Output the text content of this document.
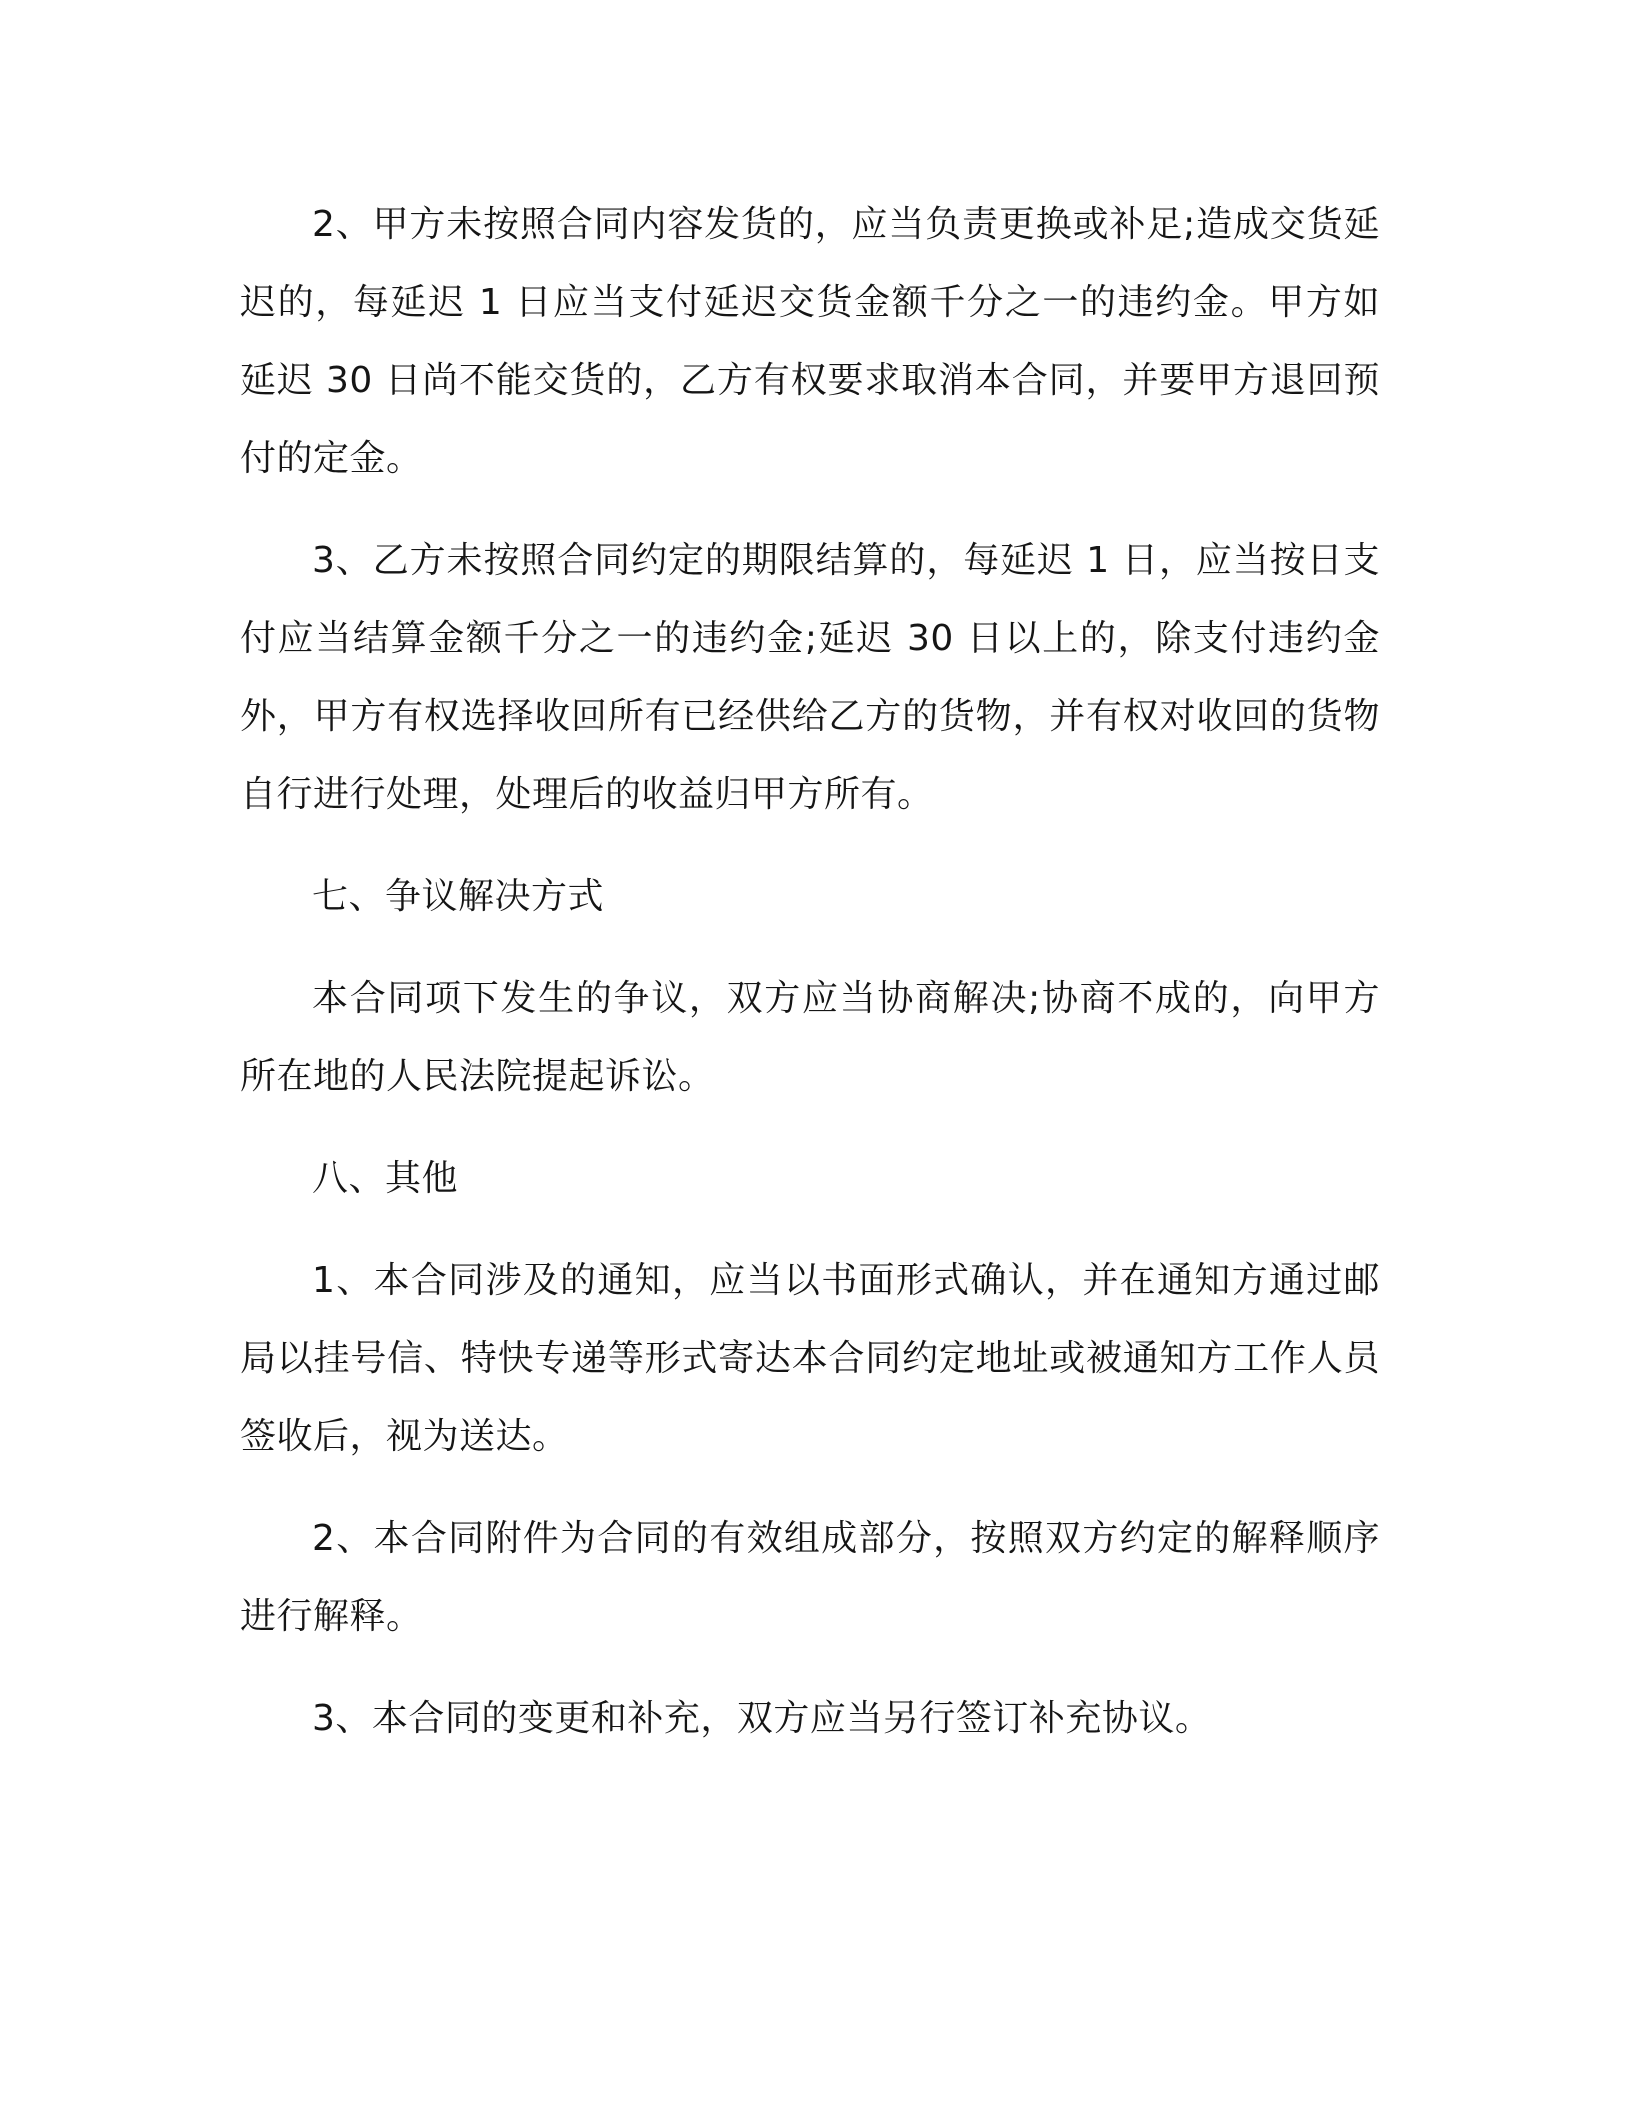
2、甲方未按照合同内容发货的，应当负责更换或补足;造成交货延迟的，每延迟 1 日应当支付延迟交货金额千分之一的违约金。甲方如延迟 30 日尚不能交货的，乙方有权要求取消本合同，并要甲方退回预付的定金。

3、乙方未按照合同约定的期限结算的，每延迟 1 日，应当按日支付应当结算金额千分之一的违约金;延迟 30 日以上的，除支付违约金外，甲方有权选择收回所有已经供给乙方的货物，并有权对收回的货物自行进行处理，处理后的收益归甲方所有。

七、争议解决方式

本合同项下发生的争议，双方应当协商解决;协商不成的，向甲方所在地的人民法院提起诉讼。

八、其他

1、本合同涉及的通知，应当以书面形式确认，并在通知方通过邮局以挂号信、特快专递等形式寄达本合同约定地址或被通知方工作人员签收后，视为送达。

2、本合同附件为合同的有效组成部分，按照双方约定的解释顺序进行解释。

3、本合同的变更和补充，双方应当另行签订补充协议。
